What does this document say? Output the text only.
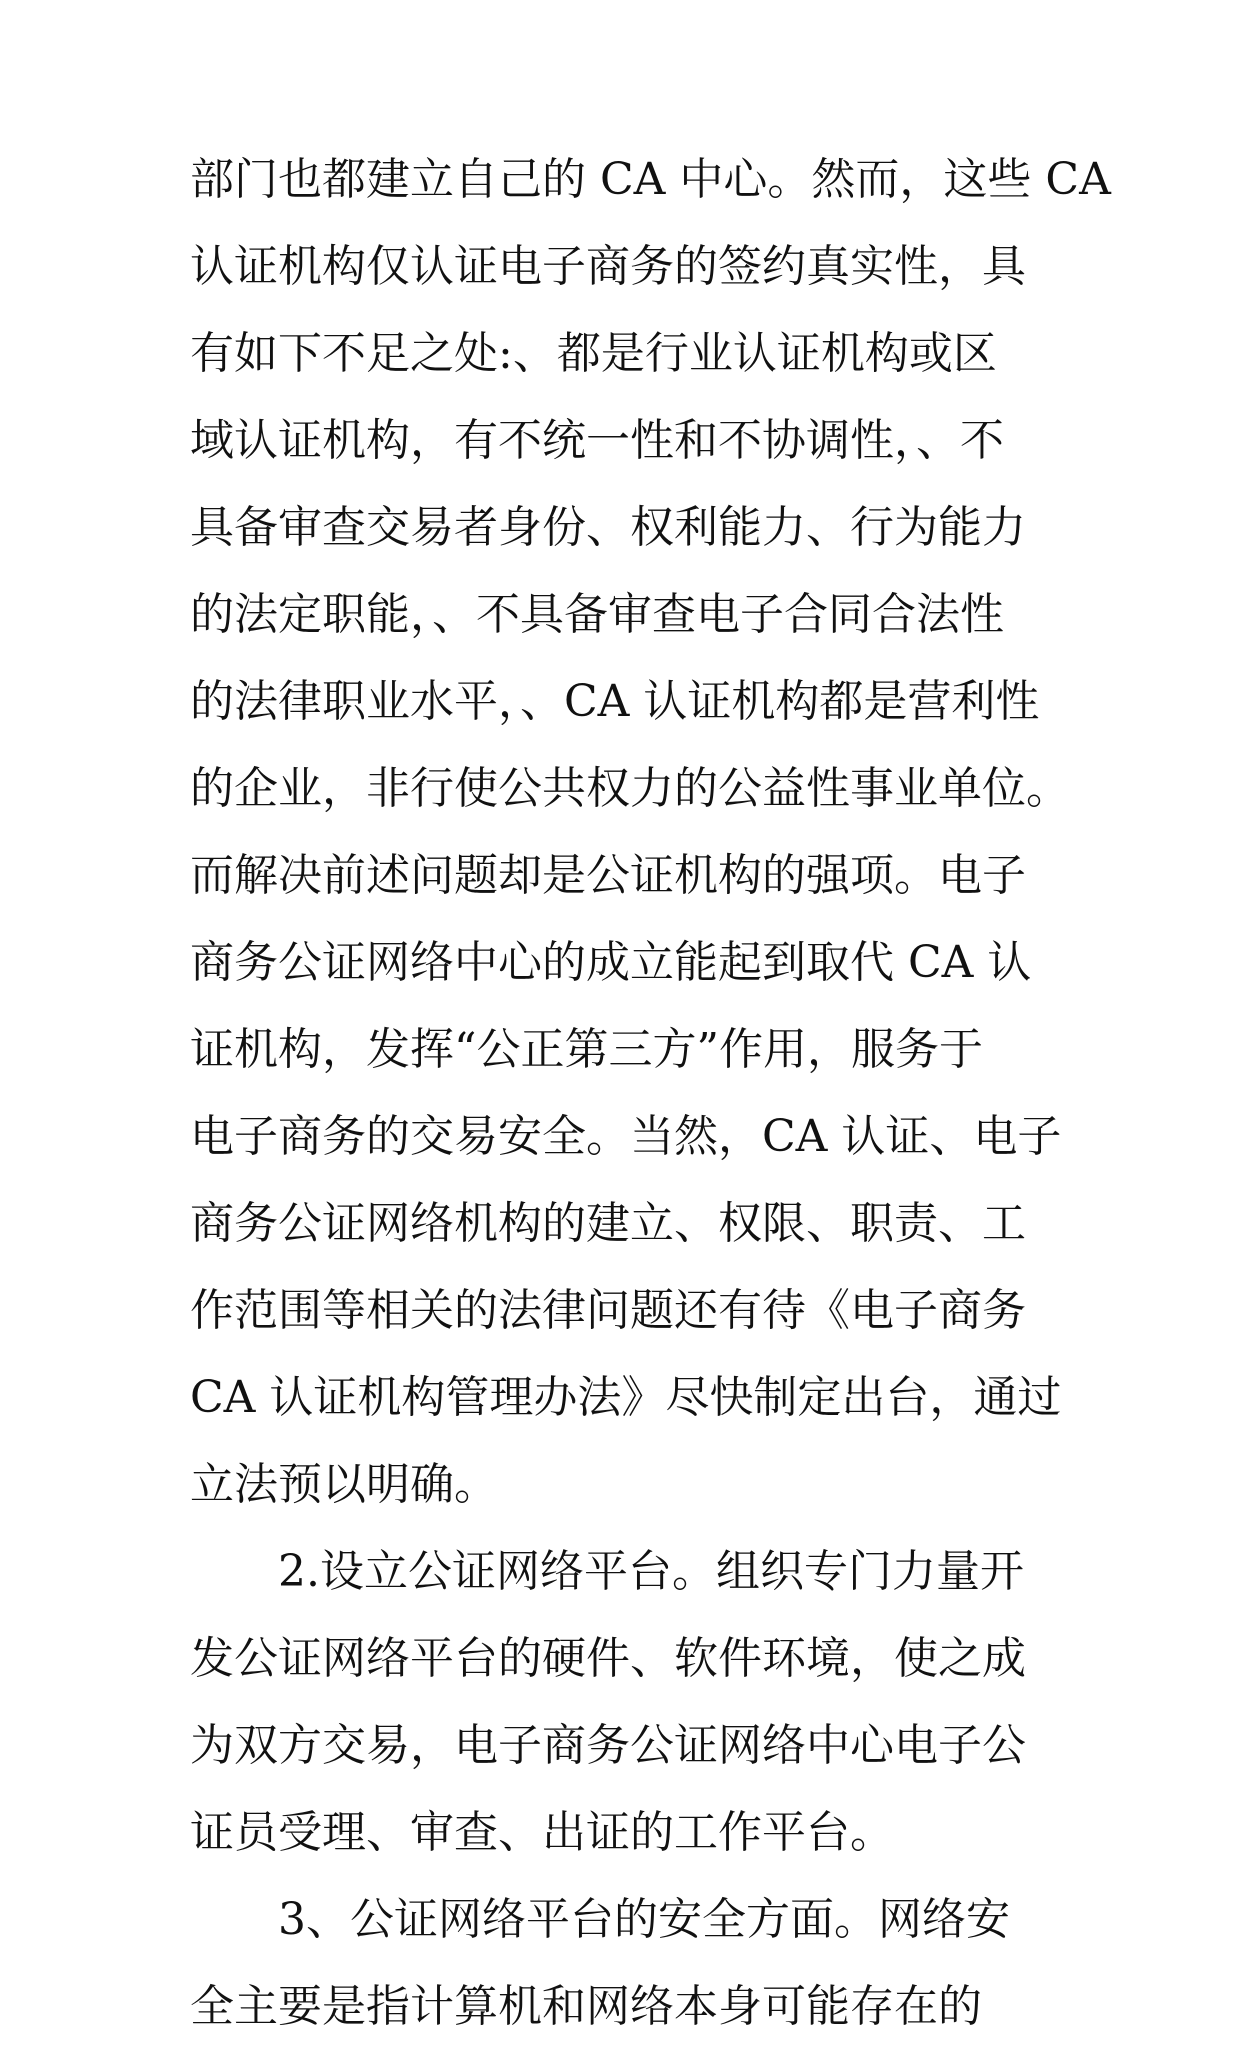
部门也都建立自己的 CA 中心。然而，这些 CA
认证机构仅认证电子商务的签约真实性，具
有如下不足之处:、都是行业认证机构或区
域认证机构，有不统一性和不协调性，、不
具备审查交易者身份、权利能力、行为能力
的法定职能，、不具备审查电子合同合法性
的法律职业水平，、CA 认证机构都是营利性
的企业，非行使公共权力的公益性事业单位。
而解决前述问题却是公证机构的强项。电子
商务公证网络中心的成立能起到取代 CA 认
证机构，发挥“公正第三方”作用，服务于
电子商务的交易安全。当然，CA 认证、电子
商务公证网络机构的建立、权限、职责、工
作范围等相关的法律问题还有待《电子商务
CA 认证机构管理办法》尽快制定出台，通过
立法预以明确。
2.设立公证网络平台。组织专门力量开
发公证网络平台的硬件、软件环境，使之成
为双方交易，电子商务公证网络中心电子公
证员受理、审查、出证的工作平台。
3、公证网络平台的安全方面。网络安
全主要是指计算机和网络本身可能存在的
